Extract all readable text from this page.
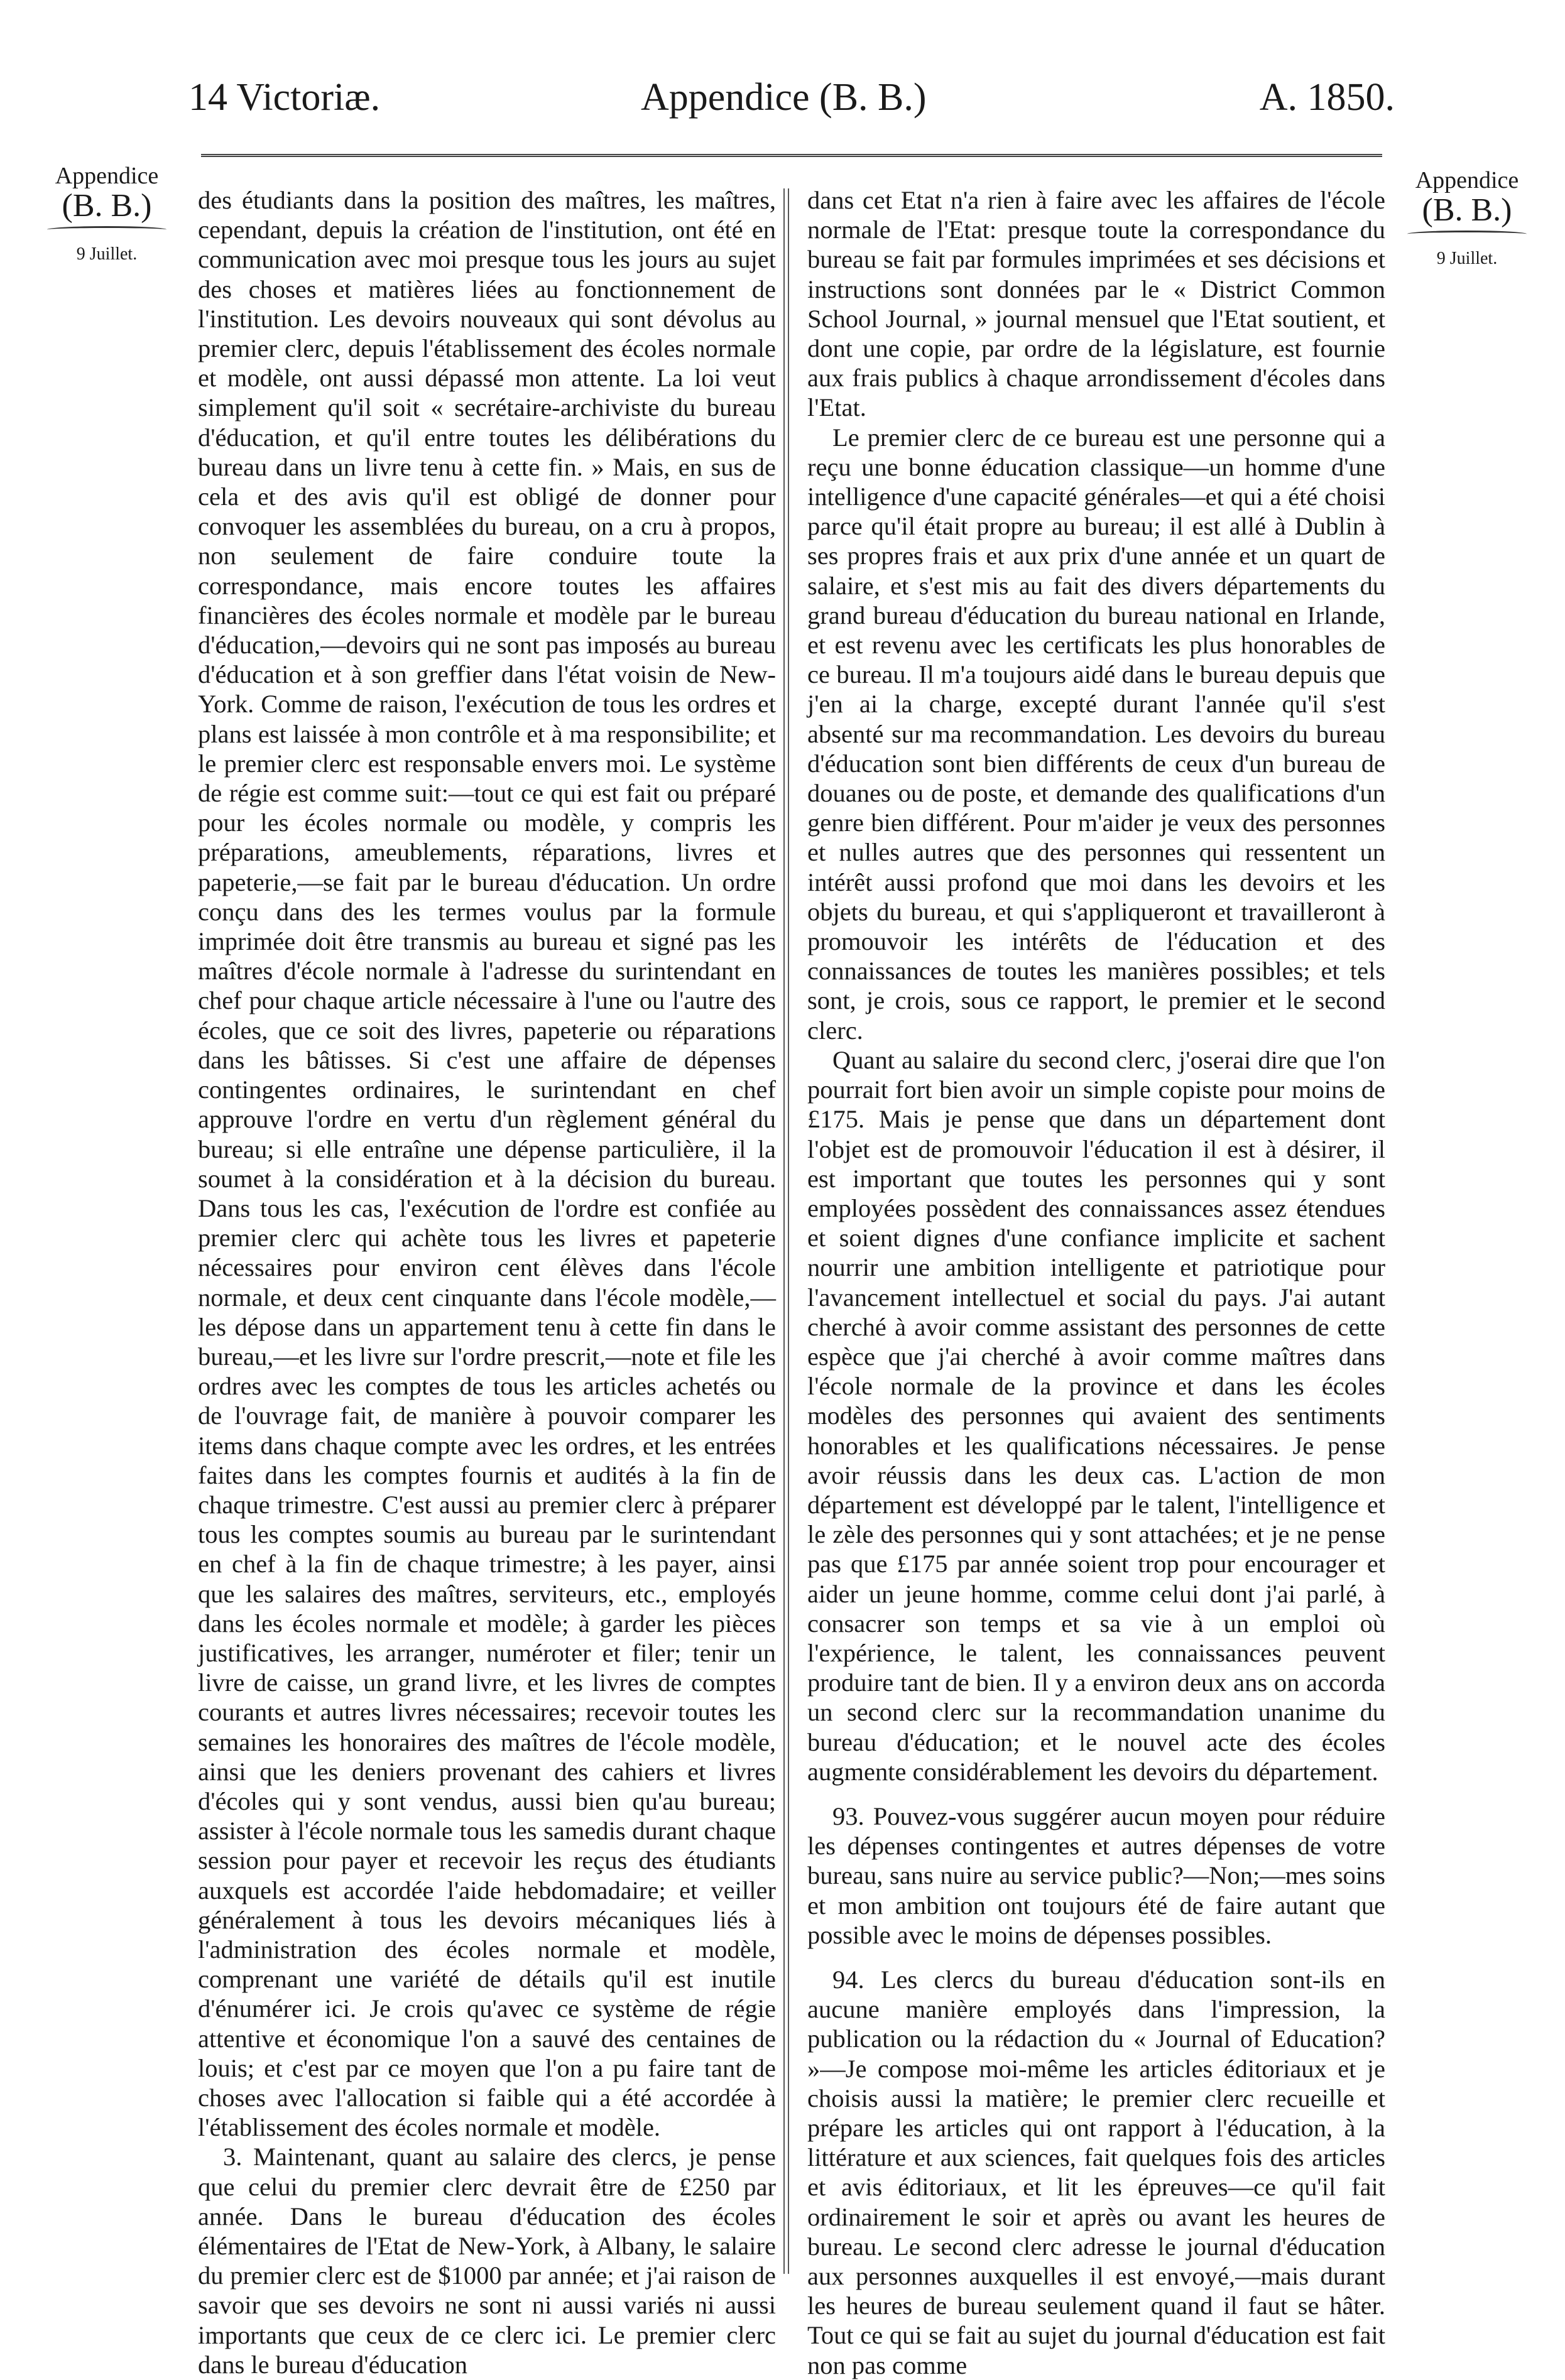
14 Victoriæ.	Appendice (B. B.)	A. 1850.
Appendice
(B. B.)
9 Juillet.
Appendice
(B. B.)
9 Juillet.

des étudiants dans la position des maîtres, les maîtres, cependant, depuis la création de l'institution, ont été en communication avec moi presque tous les jours au sujet des choses et matières liées au fonctionnement de l'institution. Les devoirs nouveaux qui sont dévolus au premier clerc, depuis l'établissement des écoles normale et modèle, ont aussi dépassé mon attente. La loi veut simplement qu'il soit « secrétaire-archiviste du bureau d'éducation, et qu'il entre toutes les délibérations du bureau dans un livre tenu à cette fin. » Mais, en sus de cela et des avis qu'il est obligé de donner pour convoquer les assemblées du bureau, on a cru à propos, non seulement de faire conduire toute la correspondance, mais encore toutes les affaires financières des écoles normale et modèle par le bureau d'éducation,—devoirs qui ne sont pas imposés au bureau d'éducation et à son greffier dans l'état voisin de New-York. Comme de raison, l'exécution de tous les ordres et plans est laissée à mon contrôle et à ma responsibilite; et le premier clerc est responsable envers moi. Le système de régie est comme suit:—tout ce qui est fait ou préparé pour les écoles normale ou modèle, y compris les préparations, ameublements, réparations, livres et papeterie,—se fait par le bureau d'éducation. Un ordre conçu dans des les termes voulus par la formule imprimée doit être transmis au bureau et signé pas les maîtres d'école normale à l'adresse du surintendant en chef pour chaque article nécessaire à l'une ou l'autre des écoles, que ce soit des livres, papeterie ou réparations dans les bâtisses. Si c'est une affaire de dépenses contingentes ordinaires, le surintendant en chef approuve l'ordre en vertu d'un règlement général du bureau; si elle entraîne une dépense particulière, il la soumet à la considération et à la décision du bureau. Dans tous les cas, l'exécution de l'ordre est confiée au premier clerc qui achète tous les livres et papeterie nécessaires pour environ cent élèves dans l'école normale, et deux cent cinquante dans l'école modèle,—les dépose dans un appartement tenu à cette fin dans le bureau,—et les livre sur l'ordre prescrit,—note et file les ordres avec les comptes de tous les articles achetés ou de l'ouvrage fait, de manière à pouvoir comparer les items dans chaque compte avec les ordres, et les entrées faites dans les comptes fournis et audités à la fin de chaque trimestre. C'est aussi au premier clerc à préparer tous les comptes soumis au bureau par le surintendant en chef à la fin de chaque trimestre; à les payer, ainsi que les salaires des maîtres, serviteurs, etc., employés dans les écoles normale et modèle; à garder les pièces justificatives, les arranger, numéroter et filer; tenir un livre de caisse, un grand livre, et les livres de comptes courants et autres livres nécessaires; recevoir toutes les semaines les honoraires des maîtres de l'école modèle, ainsi que les deniers provenant des cahiers et livres d'écoles qui y sont vendus, aussi bien qu'au bureau; assister à l'école normale tous les samedis durant chaque session pour payer et recevoir les reçus des étudiants auxquels est accordée l'aide hebdomadaire; et veiller généralement à tous les devoirs mécaniques liés à l'administration des écoles normale et modèle, comprenant une variété de détails qu'il est inutile d'énumérer ici. Je crois qu'avec ce système de régie attentive et économique l'on a sauvé des centaines de louis; et c'est par ce moyen que l'on a pu faire tant de choses avec l'allocation si faible qui a été accordée à l'établissement des écoles normale et modèle.

3. Maintenant, quant au salaire des clercs, je pense que celui du premier clerc devrait être de £250 par année. Dans le bureau d'éducation des écoles élémentaires de l'Etat de New-York, à Albany, le salaire du premier clerc est de $1000 par année; et j'ai raison de savoir que ses devoirs ne sont ni aussi variés ni aussi importants que ceux de ce clerc ici. Le premier clerc dans le bureau d'éducation

dans cet Etat n'a rien à faire avec les affaires de l'école normale de l'Etat: presque toute la correspondance du bureau se fait par formules imprimées et ses décisions et instructions sont données par le « District Common School Journal, » journal mensuel que l'Etat soutient, et dont une copie, par ordre de la législature, est fournie aux frais publics à chaque arrondissement d'écoles dans l'Etat.

Le premier clerc de ce bureau est une personne qui a reçu une bonne éducation classique—un homme d'une intelligence d'une capacité générales—et qui a été choisi parce qu'il était propre au bureau; il est allé à Dublin à ses propres frais et aux prix d'une année et un quart de salaire, et s'est mis au fait des divers départements du grand bureau d'éducation du bureau national en Irlande, et est revenu avec les certificats les plus honorables de ce bureau. Il m'a toujours aidé dans le bureau depuis que j'en ai la charge, excepté durant l'année qu'il s'est absenté sur ma recommandation. Les devoirs du bureau d'éducation sont bien différents de ceux d'un bureau de douanes ou de poste, et demande des qualifications d'un genre bien différent. Pour m'aider je veux des personnes et nulles autres que des personnes qui ressentent un intérêt aussi profond que moi dans les devoirs et les objets du bureau, et qui s'appliqueront et travailleront à promouvoir les intérêts de l'éducation et des connaissances de toutes les manières possibles; et tels sont, je crois, sous ce rapport, le premier et le second clerc.

Quant au salaire du second clerc, j'oserai dire que l'on pourrait fort bien avoir un simple copiste pour moins de £175. Mais je pense que dans un département dont l'objet est de promouvoir l'éducation il est à désirer, il est important que toutes les personnes qui y sont employées possèdent des connaissances assez étendues et soient dignes d'une confiance implicite et sachent nourrir une ambition intelligente et patriotique pour l'avancement intellectuel et social du pays. J'ai autant cherché à avoir comme assistant des personnes de cette espèce que j'ai cherché à avoir comme maîtres dans l'école normale de la province et dans les écoles modèles des personnes qui avaient des sentiments honorables et les qualifications nécessaires. Je pense avoir réussis dans les deux cas. L'action de mon département est développé par le talent, l'intelligence et le zèle des personnes qui y sont attachées; et je ne pense pas que £175 par année soient trop pour encourager et aider un jeune homme, comme celui dont j'ai parlé, à consacrer son temps et sa vie à un emploi où l'expérience, le talent, les connaissances peuvent produire tant de bien. Il y a environ deux ans on accorda un second clerc sur la recommandation unanime du bureau d'éducation; et le nouvel acte des écoles augmente considérablement les devoirs du département.

93. Pouvez-vous suggérer aucun moyen pour réduire les dépenses contingentes et autres dépenses de votre bureau, sans nuire au service public?—Non;—mes soins et mon ambition ont toujours été de faire autant que possible avec le moins de dépenses possibles.

94. Les clercs du bureau d'éducation sont-ils en aucune manière employés dans l'impression, la publication ou la rédaction du « Journal of Education? »—Je compose moi-même les articles éditoriaux et je choisis aussi la matière; le premier clerc recueille et prépare les articles qui ont rapport à l'éducation, à la littérature et aux sciences, fait quelques fois des articles et avis éditoriaux, et lit les épreuves—ce qu'il fait ordinairement le soir et après ou avant les heures de bureau. Le second clerc adresse le journal d'éducation aux personnes auxquelles il est envoyé,—mais durant les heures de bureau seulement quand il faut se hâter. Tout ce qui se fait au sujet du journal d'éducation est fait non pas comme
